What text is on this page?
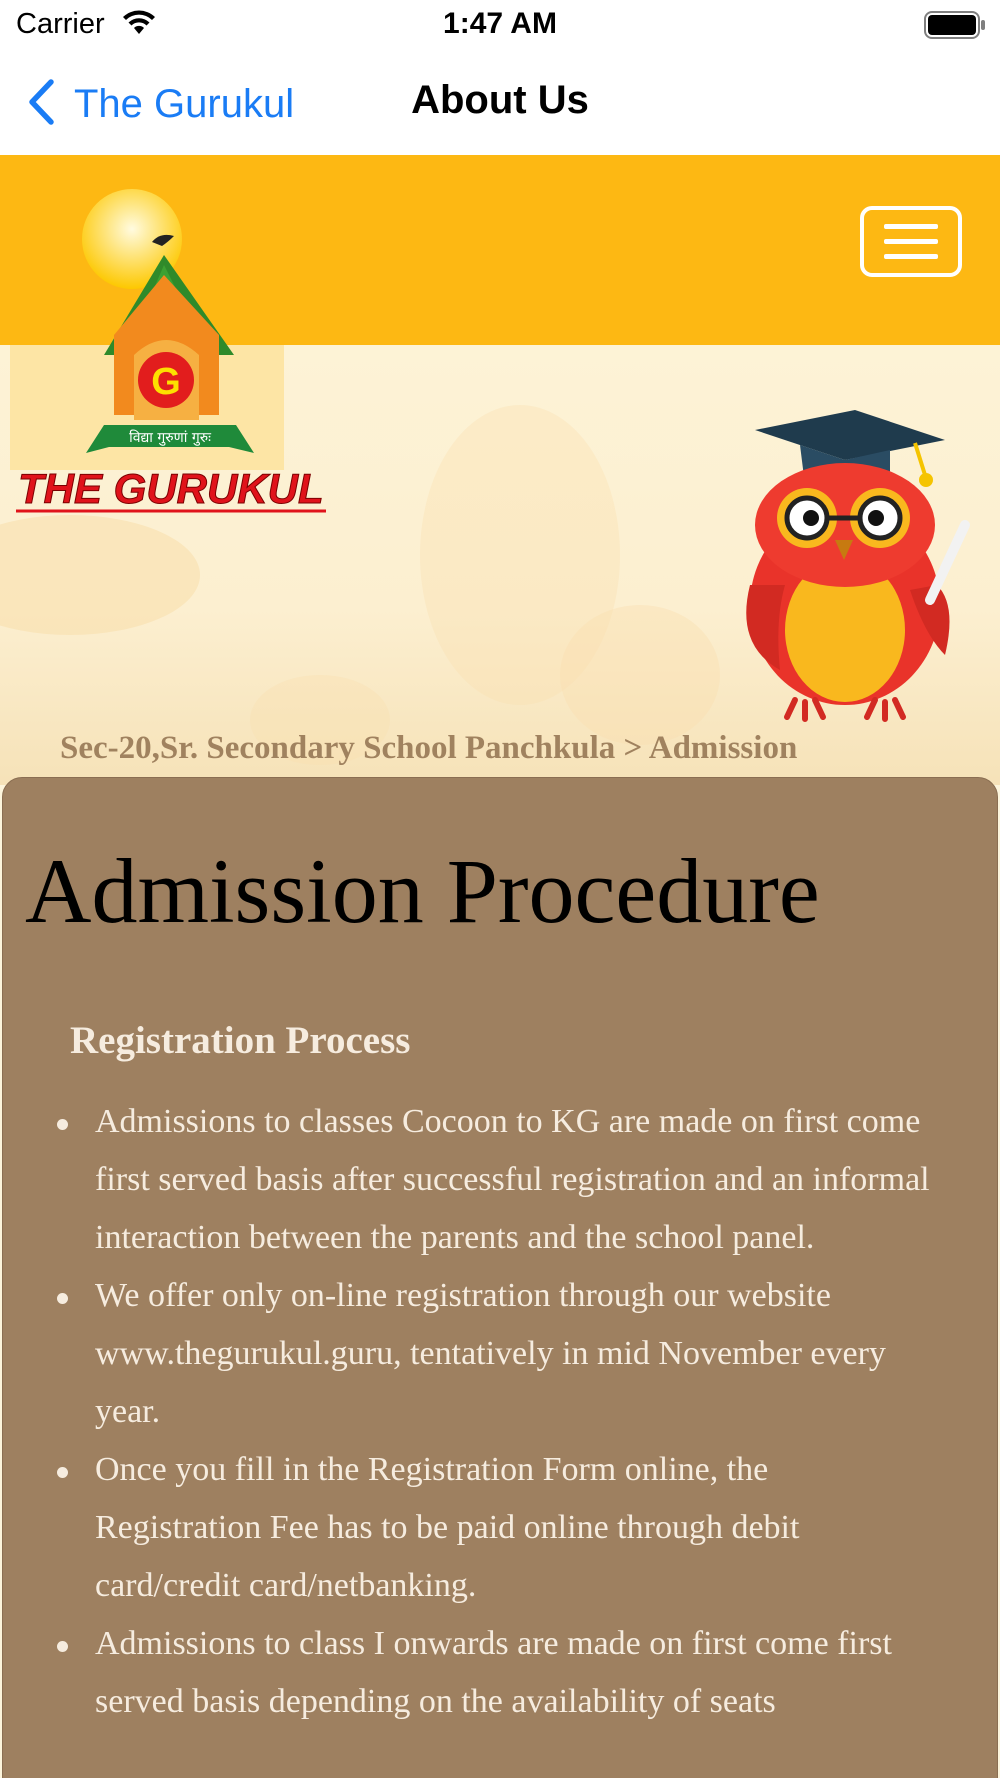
Carrier	1:47 AM
The Gurukul	About Us
G
विद्या गुरुणां गुरुः
THE GURUKUL
Sec-20,Sr. Secondary School Panchkula > Admission
Admission Procedure
Registration Process
Admissions to classes Cocoon to KG are made on first come first served basis after successful registration and an informal interaction between the parents and the school panel.
We offer only on-line registration through our website www.thegurukul.guru, tentatively in mid November every year.
Once you fill in the Registration Form online, the Registration Fee has to be paid online through debit card/credit card/netbanking.
Admissions to class I onwards are made on first come first served basis depending on the availability of seats
